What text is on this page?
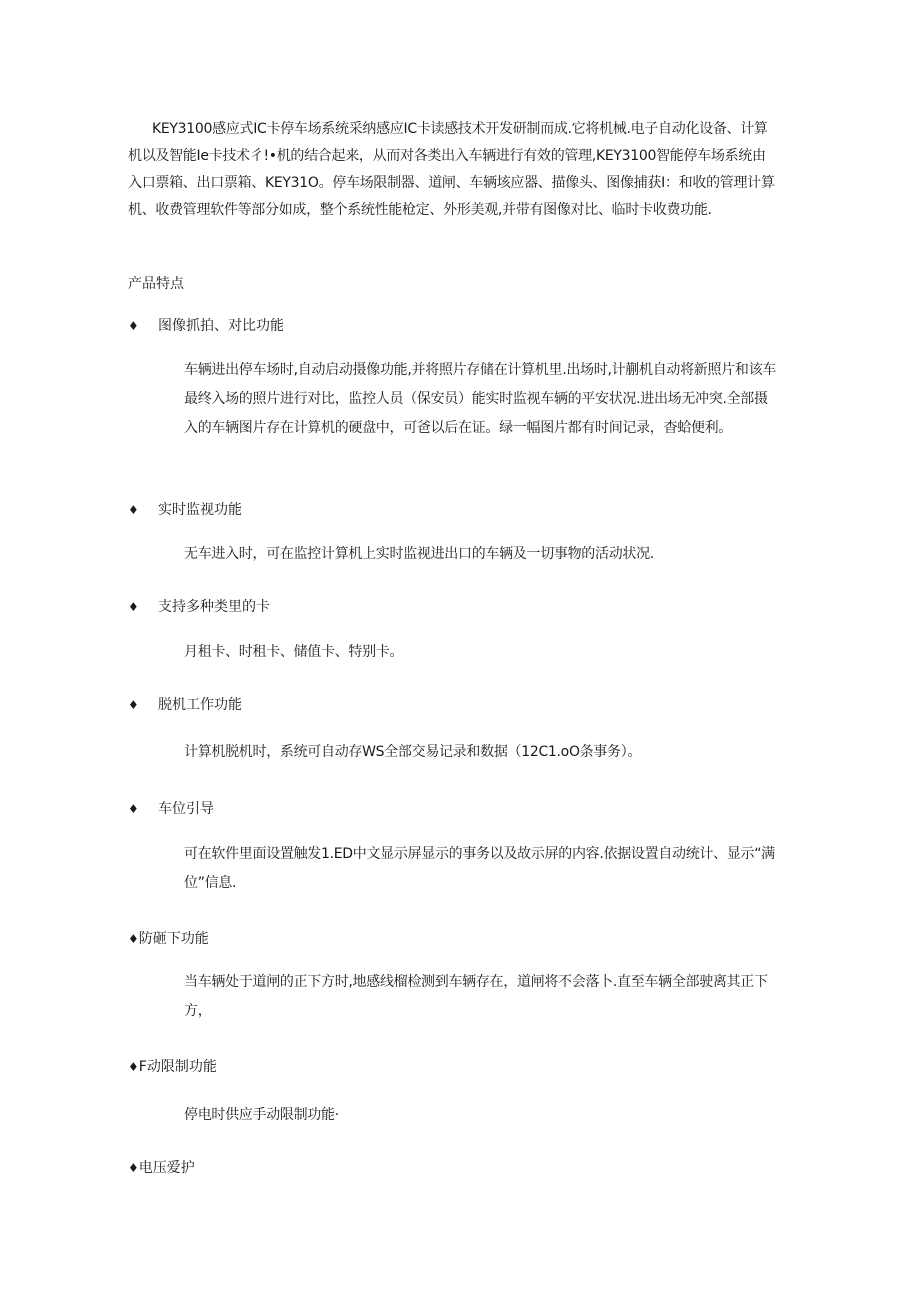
KEY3100感应式IC卡停车场系统采纳感应IC卡读感技术开发研制而成.它将机械.电子自动化设备、计算机以及智能Ie卡技术彳!•机的结合起来，从而对各类出入车辆进行有效的管理,KEY3100智能停车场系统由入口票箱、出口票箱、KEY31O。停车场限制器、道闸、车辆垓应器、描像头、图像捕获I：和收的管理计算机、收费管理软件等部分如成，整个系统性能枪定、外形美观,并带有图像对比、临时卡收费功能.

产品特点

♦ 图像抓拍、对比功能

车辆进出停车场时,自动启动摄像功能,并将照片存储在计算机里.出场时,计蒯机自动将新照片和该车最终入场的照片进行对比，监控人员（保安员）能实时监视车辆的平安状况.进出场无冲突.全部摄入的车辆图片存在计算机的硬盘中，可爸以后在证。绿一幅图片都有时间记录，杳蛤便利。

♦ 实时监视功能

无车进入时，可在监控计算机上实时监视进出口的车辆及一切事物的活动状况.

♦ 支持多种类里的卡

月租卡、时租卡、储值卡、特别卡。

♦ 脱机工作功能

计算机脱机时，系统可自动存WS全部交易记录和数据（12C1.oO条事务）。

♦ 车位引导

可在软件里面设置触发1.ED中文显示屏显示的事务以及故示屏的内容.依据设置自动统计、显示“满位”信息.

♦防砸下功能

当车辆处于道闸的正下方时,地感线榴检测到车辆存在，道闸将不会落卜.直至车辆全部驶离其正下方，

♦F动限制功能

停电时供应手动限制功能·

♦电压爱护
